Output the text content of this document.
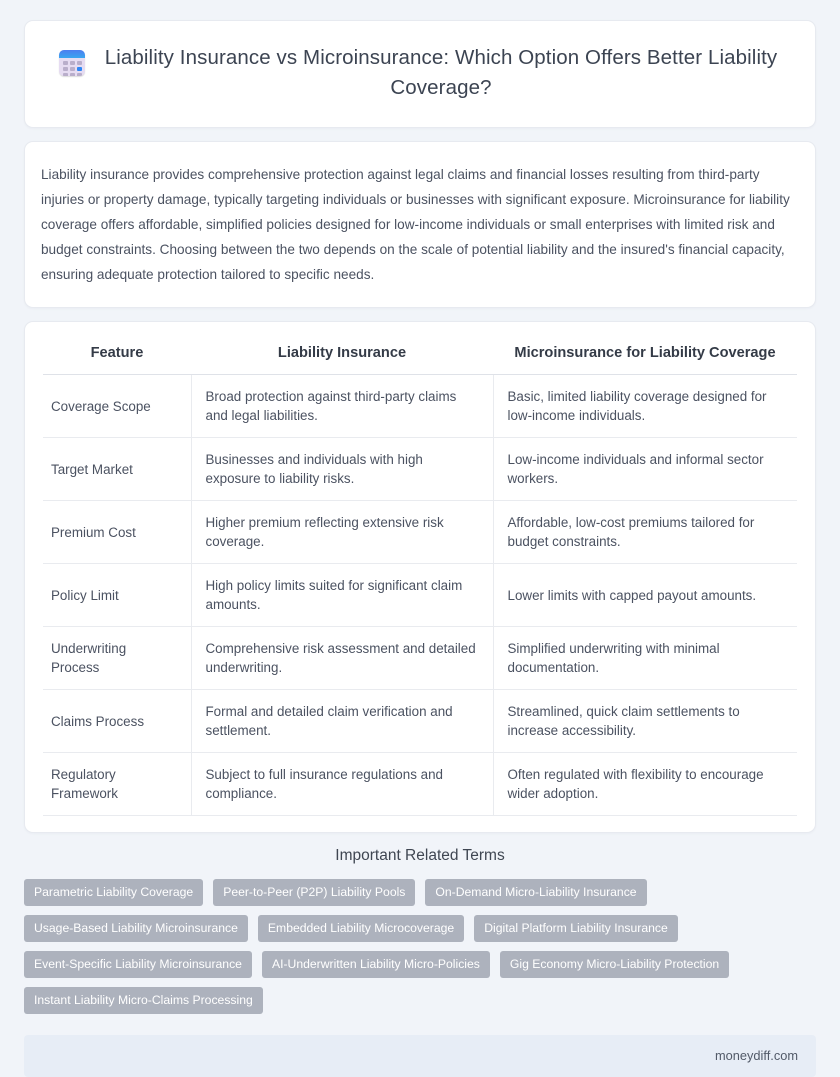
Liability Insurance vs Microinsurance: Which Option Offers Better Liability Coverage?

Liability insurance provides comprehensive protection against legal claims and financial losses resulting from third-party injuries or property damage, typically targeting individuals or businesses with significant exposure. Microinsurance for liability coverage offers affordable, simplified policies designed for low-income individuals or small enterprises with limited risk and budget constraints. Choosing between the two depends on the scale of potential liability and the insured's financial capacity, ensuring adequate protection tailored to specific needs.

Feature	Liability Insurance	Microinsurance for Liability Coverage
Coverage Scope	Broad protection against third-party claims and legal liabilities.	Basic, limited liability coverage designed for low-income individuals.
Target Market	Businesses and individuals with high exposure to liability risks.	Low-income individuals and informal sector workers.
Premium Cost	Higher premium reflecting extensive risk coverage.	Affordable, low-cost premiums tailored for budget constraints.
Policy Limit	High policy limits suited for significant claim amounts.	Lower limits with capped payout amounts.
Underwriting Process	Comprehensive risk assessment and detailed underwriting.	Simplified underwriting with minimal documentation.
Claims Process	Formal and detailed claim verification and settlement.	Streamlined, quick claim settlements to increase accessibility.
Regulatory Framework	Subject to full insurance regulations and compliance.	Often regulated with flexibility to encourage wider adoption.
Important Related Terms
Parametric Liability Coverage	Peer-to-Peer (P2P) Liability Pools	On-Demand Micro-Liability Insurance
Usage-Based Liability Microinsurance	Embedded Liability Microcoverage	Digital Platform Liability Insurance
Event-Specific Liability Microinsurance	AI-Underwritten Liability Micro-Policies	Gig Economy Micro-Liability Protection
Instant Liability Micro-Claims Processing
moneydiff.com
